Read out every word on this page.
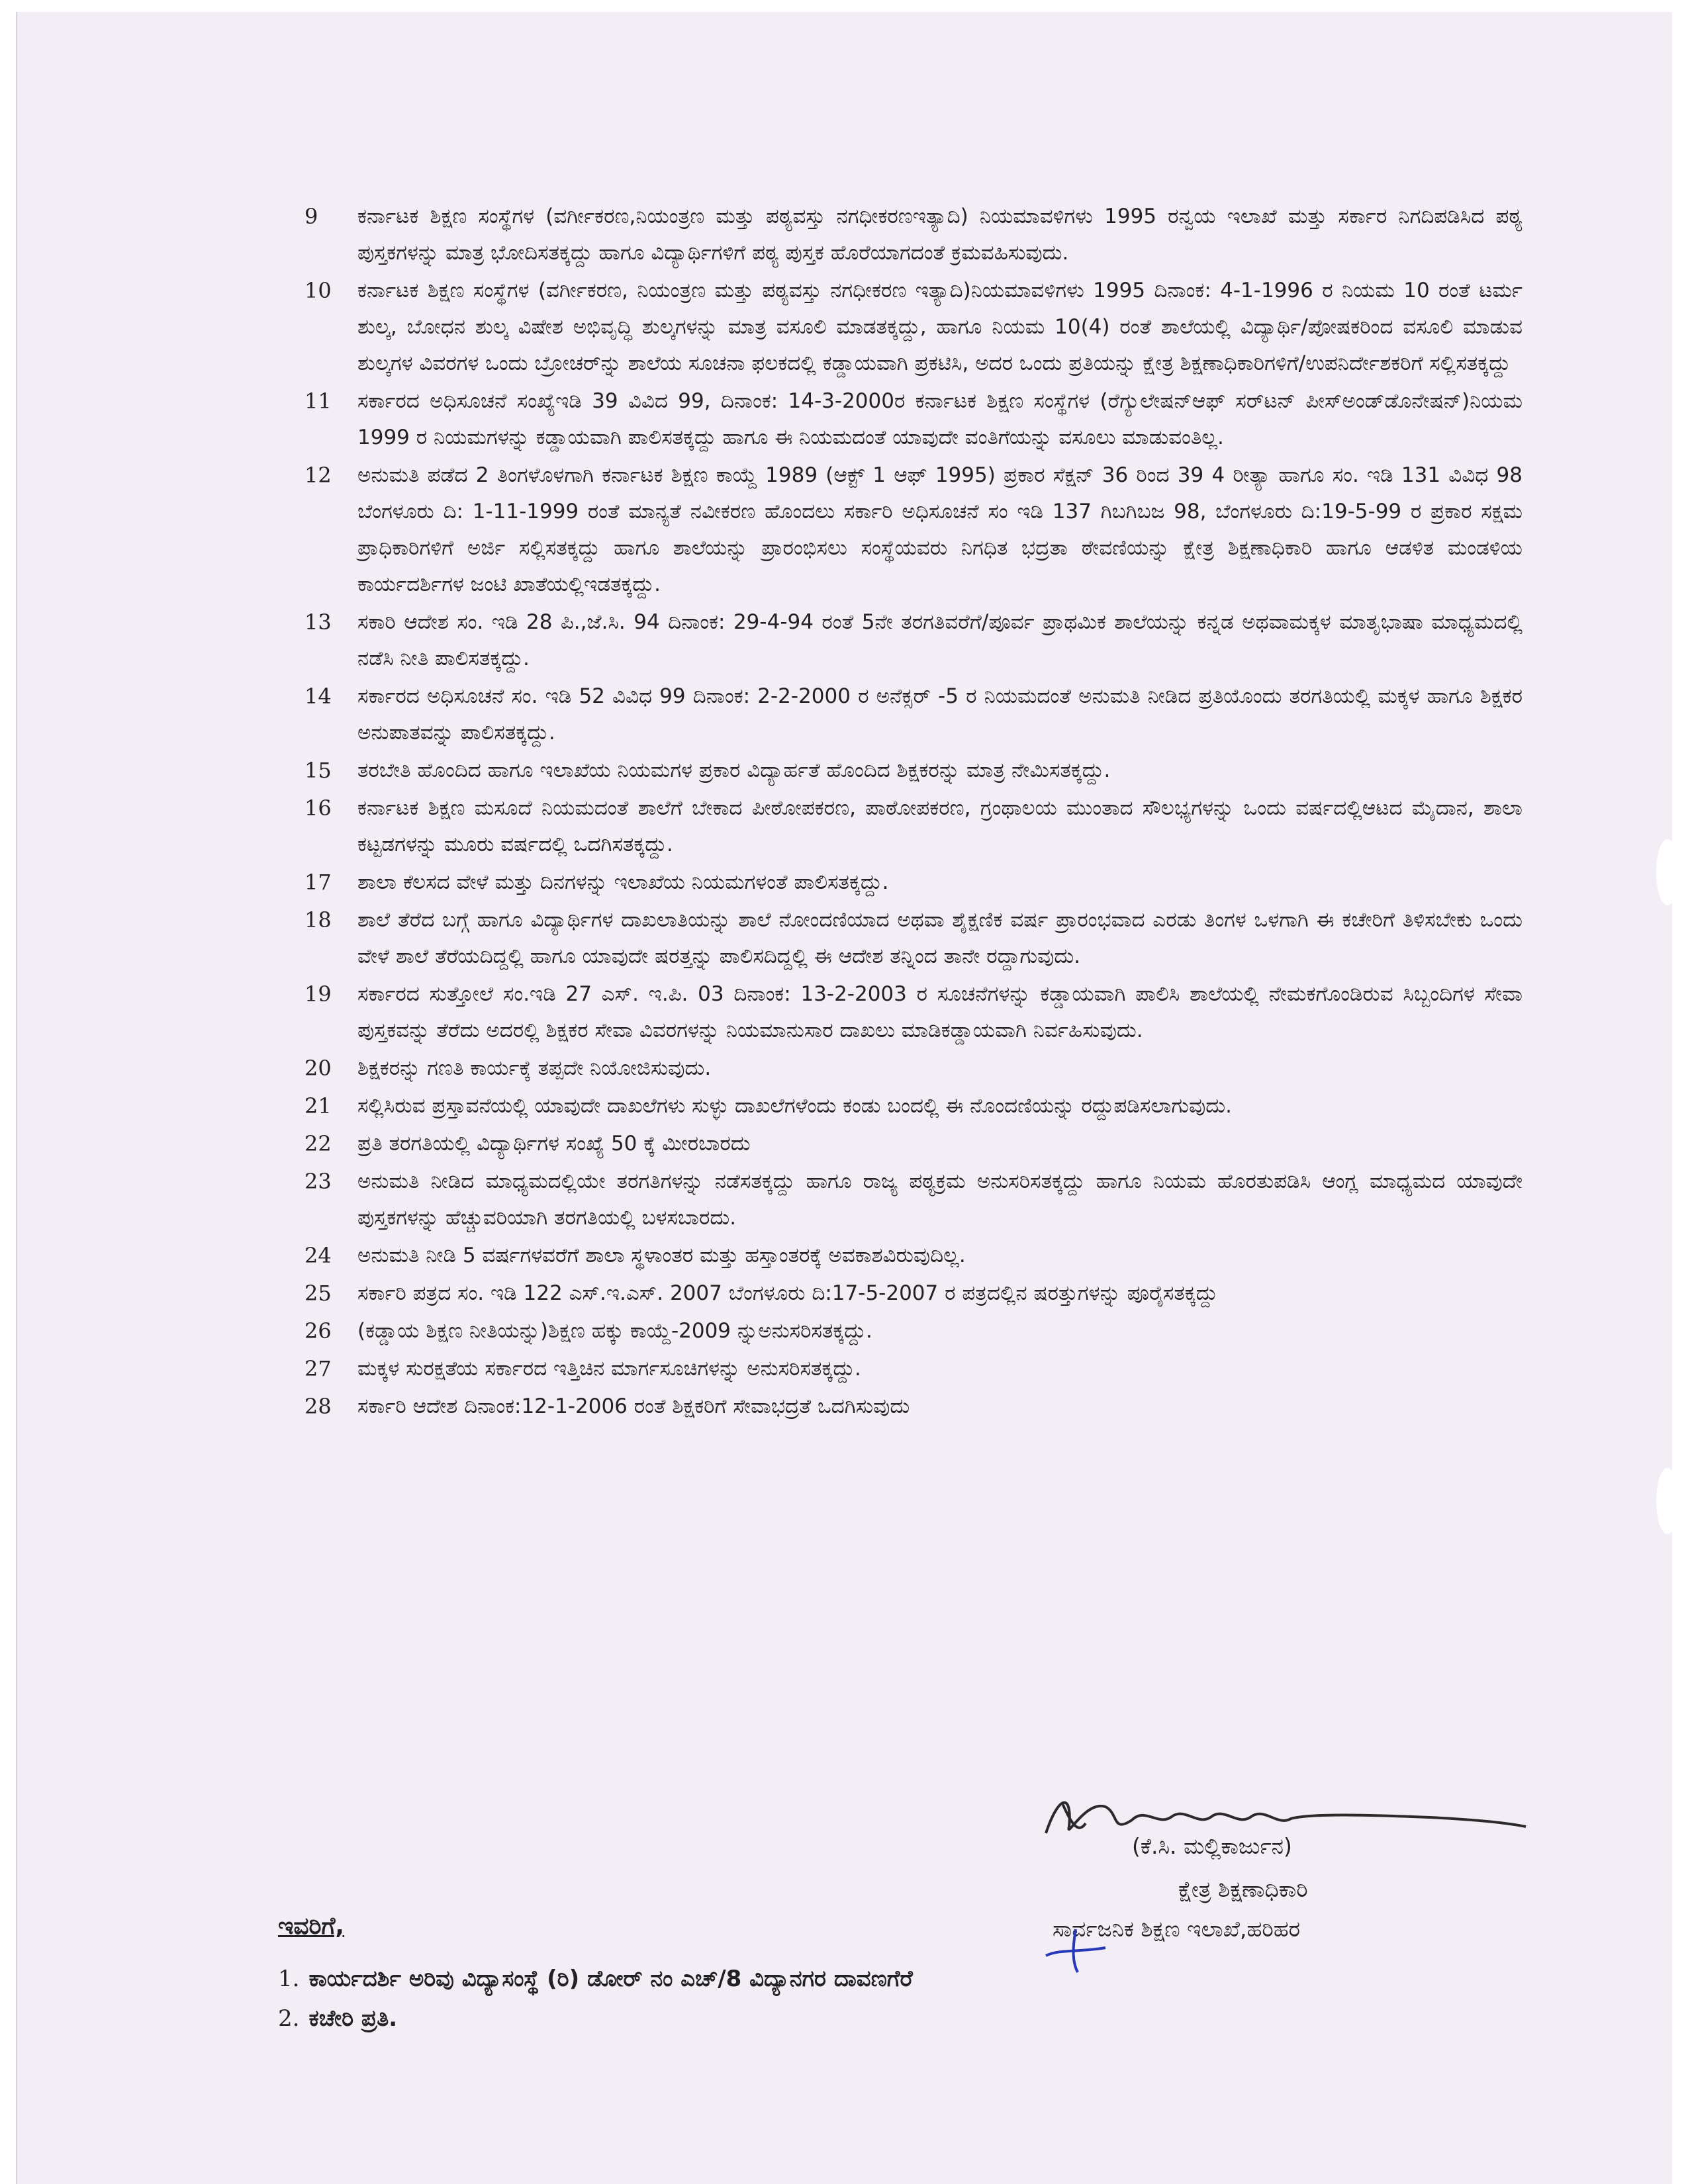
9	ಕರ್ನಾಟಕ ಶಿಕ್ಷಣ ಸಂಸ್ಥೆಗಳ (ವರ್ಗೀಕರಣ,ನಿಯಂತ್ರಣ ಮತ್ತು ಪಠ್ಯವಸ್ತು ನಗಧೀಕರಣಇತ್ಯಾದಿ) ನಿಯಮಾವಳಿಗಳು 1995 ರನ್ವಯ ಇಲಾಖೆ ಮತ್ತು ಸರ್ಕಾರ ನಿಗದಿಪಡಿಸಿದ ಪಠ್ಯ ಪುಸ್ತಕಗಳನ್ನು ಮಾತ್ರ ಭೋದಿಸತಕ್ಕದ್ದು ಹಾಗೂ ವಿದ್ಯಾರ್ಥಿಗಳಿಗೆ ಪಠ್ಯ ಪುಸ್ತಕ ಹೊರೆಯಾಗದಂತೆ ಕ್ರಮವಹಿಸುವುದು.
10	ಕರ್ನಾಟಕ ಶಿಕ್ಷಣ ಸಂಸ್ಥೆಗಳ (ವರ್ಗೀಕರಣ, ನಿಯಂತ್ರಣ ಮತ್ತು ಪಠ್ಯವಸ್ತು ನಗಧೀಕರಣ ಇತ್ಯಾದಿ)ನಿಯಮಾವಳಿಗಳು 1995 ದಿನಾಂಕ: 4-1-1996 ರ ನಿಯಮ 10 ರಂತೆ ಟರ್ಮ ಶುಲ್ಕ, ಬೋಧನ ಶುಲ್ಕ ವಿಷೇಶ ಅಭಿವೃದ್ಧಿ ಶುಲ್ಕಗಳನ್ನು ಮಾತ್ರ ವಸೂಲಿ ಮಾಡತಕ್ಕದ್ದು, ಹಾಗೂ ನಿಯಮ 10(4) ರಂತೆ ಶಾಲೆಯಲ್ಲಿ ವಿದ್ಯಾರ್ಥಿ/ಪೋಷಕರಿಂದ ವಸೂಲಿ ಮಾಡುವ ಶುಲ್ಕಗಳ ವಿವರಗಳ ಒಂದು ಬ್ರೋಚರ್‌ನ್ನು ಶಾಲೆಯ ಸೂಚನಾ ಫಲಕದಲ್ಲಿ ಕಡ್ಡಾಯವಾಗಿ ಪ್ರಕಟಿಸಿ, ಅದರ ಒಂದು ಪ್ರತಿಯನ್ನು ಕ್ಷೇತ್ರ ಶಿಕ್ಷಣಾಧಿಕಾರಿಗಳಿಗೆ/ಉಪನಿರ್ದೇಶಕರಿಗೆ ಸಲ್ಲಿಸತಕ್ಕದ್ದು
11	ಸರ್ಕಾರದ ಅಧಿಸೂಚನೆ ಸಂಖ್ಯೆಇಡಿ 39 ವಿವಿದ 99, ದಿನಾಂಕ: 14-3-2000ರ ಕರ್ನಾಟಕ ಶಿಕ್ಷಣ ಸಂಸ್ಥೆಗಳ (ರೆಗ್ಯುಲೇಷನ್‌ಆಫ್ ಸರ್‌ಟನ್ ಪೀಸ್‌ಅಂಡ್‌ಡೊನೇಷನ್)ನಿಯಮ 1999 ರ ನಿಯಮಗಳನ್ನು ಕಡ್ಡಾಯವಾಗಿ ಪಾಲಿಸತಕ್ಕದ್ದು ಹಾಗೂ ಈ ನಿಯಮದಂತೆ ಯಾವುದೇ ವಂತಿಗೆಯನ್ನು ವಸೂಲು ಮಾಡುವಂತಿಲ್ಲ.
12	ಅನುಮತಿ ಪಡೆದ 2 ತಿಂಗಳೊಳಗಾಗಿ ಕರ್ನಾಟಕ ಶಿಕ್ಷಣ ಕಾಯ್ದೆ 1989 (ಆಕ್ಟ್ 1 ಆಫ್ 1995) ಪ್ರಕಾರ ಸೆಕ್ಷನ್ 36 ರಿಂದ 39 4 ರೀತ್ಯಾ ಹಾಗೂ ಸಂ. ಇಡಿ 131 ವಿವಿಧ 98 ಬೆಂಗಳೂರು ದಿ: 1-11-1999 ರಂತೆ ಮಾನ್ಯತೆ ನವೀಕರಣ ಹೊಂದಲು ಸರ್ಕಾರಿ ಅಧಿಸೂಚನೆ ಸಂ ಇಡಿ 137 ಗಿಬಗಿಬಜ 98, ಬೆಂಗಳೂರು ದಿ:19-5-99 ರ ಪ್ರಕಾರ ಸಕ್ಷಮ ಪ್ರಾಧಿಕಾರಿಗಳಿಗೆ ಅರ್ಜಿ ಸಲ್ಲಿಸತಕ್ಕದ್ದು ಹಾಗೂ ಶಾಲೆಯನ್ನು ಪ್ರಾರಂಭಿಸಲು ಸಂಸ್ಥೆಯವರು ನಿಗಧಿತ ಭದ್ರತಾ ಠೇವಣಿಯನ್ನು ಕ್ಷೇತ್ರ ಶಿಕ್ಷಣಾಧಿಕಾರಿ ಹಾಗೂ ಆಡಳಿತ ಮಂಡಳಿಯ ಕಾರ್ಯದರ್ಶಿಗಳ ಜಂಟಿ ಖಾತೆಯಲ್ಲಿಇಡತಕ್ಕದ್ದು.
13	ಸಕಾರಿ ಆದೇಶ ಸಂ. ಇಡಿ 28 ಪಿ.,ಜೆ.ಸಿ. 94 ದಿನಾಂಕ: 29-4-94 ರಂತೆ 5ನೇ ತರಗತಿವರೆಗೆ/ಪೂರ್ವ ಪ್ರಾಥಮಿಕ ಶಾಲೆಯನ್ನು ಕನ್ನಡ ಅಥವಾಮಕ್ಕಳ ಮಾತೃಭಾಷಾ ಮಾಧ್ಯಮದಲ್ಲಿ ನಡೆಸಿ ನೀತಿ ಪಾಲಿಸತಕ್ಕದ್ದು.
14	ಸರ್ಕಾರದ ಅಧಿಸೂಚನೆ ಸಂ. ಇಡಿ 52 ವಿವಿಧ 99 ದಿನಾಂಕ: 2-2-2000 ರ ಅನೆಕ್ಸರ್ -5 ರ ನಿಯಮದಂತೆ ಅನುಮತಿ ನೀಡಿದ ಪ್ರತಿಯೊಂದು ತರಗತಿಯಲ್ಲಿ ಮಕ್ಕಳ ಹಾಗೂ ಶಿಕ್ಷಕರ ಅನುಪಾತವನ್ನು ಪಾಲಿಸತಕ್ಕದ್ದು.
15	ತರಬೇತಿ ಹೊಂದಿದ ಹಾಗೂ ಇಲಾಖೆಯ ನಿಯಮಗಳ ಪ್ರಕಾರ ವಿದ್ಯಾರ್ಹತೆ ಹೊಂದಿದ ಶಿಕ್ಷಕರನ್ನು ಮಾತ್ರ ನೇಮಿಸತಕ್ಕದ್ದು.
16	ಕರ್ನಾಟಕ ಶಿಕ್ಷಣ ಮಸೂದೆ ನಿಯಮದಂತೆ ಶಾಲೆಗೆ ಬೇಕಾದ ಪೀಠೋಪಕರಣ, ಪಾಠೋಪಕರಣ, ಗ್ರಂಥಾಲಯ ಮುಂತಾದ ಸೌಲಭ್ಯಗಳನ್ನು ಒಂದು ವರ್ಷದಲ್ಲಿಆಟದ ಮೈದಾನ, ಶಾಲಾ ಕಟ್ಟಡಗಳನ್ನು ಮೂರು ವರ್ಷದಲ್ಲಿ ಒದಗಿಸತಕ್ಕದ್ದು.
17	ಶಾಲಾ ಕೆಲಸದ ವೇಳೆ ಮತ್ತು ದಿನಗಳನ್ನು ಇಲಾಖೆಯ ನಿಯಮಗಳಂತೆ ಪಾಲಿಸತಕ್ಕದ್ದು.
18	ಶಾಲೆ ತೆರೆದ ಬಗ್ಗೆ ಹಾಗೂ ವಿದ್ಯಾರ್ಥಿಗಳ ದಾಖಲಾತಿಯನ್ನು ಶಾಲೆ ನೋಂದಣಿಯಾದ ಅಥವಾ ಶೈಕ್ಷಣಿಕ ವರ್ಷ ಪ್ರಾರಂಭವಾದ ಎರಡು ತಿಂಗಳ ಒಳಗಾಗಿ ಈ ಕಚೇರಿಗೆ ತಿಳಿಸಬೇಕು ಒಂದು ವೇಳೆ ಶಾಲೆ ತೆರೆಯದಿದ್ದಲ್ಲಿ ಹಾಗೂ ಯಾವುದೇ ಷರತ್ತನ್ನು ಪಾಲಿಸದಿದ್ದಲ್ಲಿ ಈ ಆದೇಶ ತನ್ನಿಂದ ತಾನೇ ರದ್ದಾಗುವುದು.
19	ಸರ್ಕಾರದ ಸುತ್ತೋಲೆ ಸಂ.ಇಡಿ 27 ಎಸ್. ಇ.ಪಿ. 03 ದಿನಾಂಕ: 13-2-2003 ರ ಸೂಚನೆಗಳನ್ನು ಕಡ್ಡಾಯವಾಗಿ ಪಾಲಿಸಿ ಶಾಲೆಯಲ್ಲಿ ನೇಮಕಗೊಂಡಿರುವ ಸಿಬ್ಬಂದಿಗಳ ಸೇವಾ ಪುಸ್ತಕವನ್ನು ತೆರೆದು ಅದರಲ್ಲಿ ಶಿಕ್ಷಕರ ಸೇವಾ ವಿವರಗಳನ್ನು ನಿಯಮಾನುಸಾರ ದಾಖಲು ಮಾಡಿಕಡ್ಡಾಯವಾಗಿ ನಿರ್ವಹಿಸುವುದು.
20	ಶಿಕ್ಷಕರನ್ನು ಗಣತಿ ಕಾರ್ಯಕ್ಕೆ ತಪ್ಪದೇ ನಿಯೋಜಿಸುವುದು.
21	ಸಲ್ಲಿಸಿರುವ ಪ್ರಸ್ತಾವನೆಯಲ್ಲಿ ಯಾವುದೇ ದಾಖಲೆಗಳು ಸುಳ್ಳು ದಾಖಲೆಗಳೆಂದು ಕಂಡು ಬಂದಲ್ಲಿ ಈ ನೊಂದಣಿಯನ್ನು ರದ್ದುಪಡಿಸಲಾಗುವುದು.
22	ಪ್ರತಿ ತರಗತಿಯಲ್ಲಿ ವಿದ್ಯಾರ್ಥಿಗಳ ಸಂಖ್ಯೆ 50 ಕ್ಕೆ ಮೀರಬಾರದು
23	ಅನುಮತಿ ನೀಡಿದ ಮಾಧ್ಯಮದಲ್ಲಿಯೇ ತರಗತಿಗಳನ್ನು ನಡೆಸತಕ್ಕದ್ದು ಹಾಗೂ ರಾಜ್ಯ ಪಠ್ಯಕ್ರಮ ಅನುಸರಿಸತಕ್ಕದ್ದು ಹಾಗೂ ನಿಯಮ ಹೊರತುಪಡಿಸಿ ಆಂಗ್ಲ ಮಾಧ್ಯಮದ ಯಾವುದೇ ಪುಸ್ತಕಗಳನ್ನು ಹೆಚ್ಚುವರಿಯಾಗಿ ತರಗತಿಯಲ್ಲಿ ಬಳಸಬಾರದು.
24	ಅನುಮತಿ ನೀಡಿ 5 ವರ್ಷಗಳವರೆಗೆ ಶಾಲಾ ಸ್ಥಳಾಂತರ ಮತ್ತು ಹಸ್ತಾಂತರಕ್ಕೆ ಅವಕಾಶವಿರುವುದಿಲ್ಲ.
25	ಸರ್ಕಾರಿ ಪತ್ರದ ಸಂ. ಇಡಿ 122 ಎಸ್.ಇ.ಎಸ್. 2007 ಬೆಂಗಳೂರು ದಿ:17-5-2007 ರ ಪತ್ರದಲ್ಲಿನ ಷರತ್ತುಗಳನ್ನು ಪೂರೈಸತಕ್ಕದ್ದು
26	(ಕಡ್ಡಾಯ ಶಿಕ್ಷಣ ನೀತಿಯನ್ನು)ಶಿಕ್ಷಣ ಹಕ್ಕು ಕಾಯ್ದೆ-2009 ನ್ನುಅನುಸರಿಸತಕ್ಕದ್ದು.
27	ಮಕ್ಕಳ ಸುರಕ್ಷತೆಯ ಸರ್ಕಾರದ ಇತ್ತಿಚಿನ ಮಾರ್ಗಸೂಚಿಗಳನ್ನು ಅನುಸರಿಸತಕ್ಕದ್ದು.
28	ಸರ್ಕಾರಿ ಆದೇಶ ದಿನಾಂಕ:12-1-2006 ರಂತೆ ಶಿಕ್ಷಕರಿಗೆ ಸೇವಾಭದ್ರತೆ ಒದಗಿಸುವುದು
(ಕೆ.ಸಿ. ಮಲ್ಲಿಕಾರ್ಜುನ)
ಕ್ಷೇತ್ರ ಶಿಕ್ಷಣಾಧಿಕಾರಿ
ಸಾರ್ವಜನಿಕ ಶಿಕ್ಷಣ ಇಲಾಖೆ,ಹರಿಹರ
ಇವರಿಗೆ,
1. ಕಾರ್ಯದರ್ಶಿ ಅರಿವು ವಿದ್ಯಾಸಂಸ್ಥೆ (ರಿ) ಡೋರ್ ನಂ ಎಚ್/8 ವಿದ್ಯಾನಗರ ದಾವಣಗೆರೆ
2. ಕಚೇರಿ ಪ್ರತಿ.
